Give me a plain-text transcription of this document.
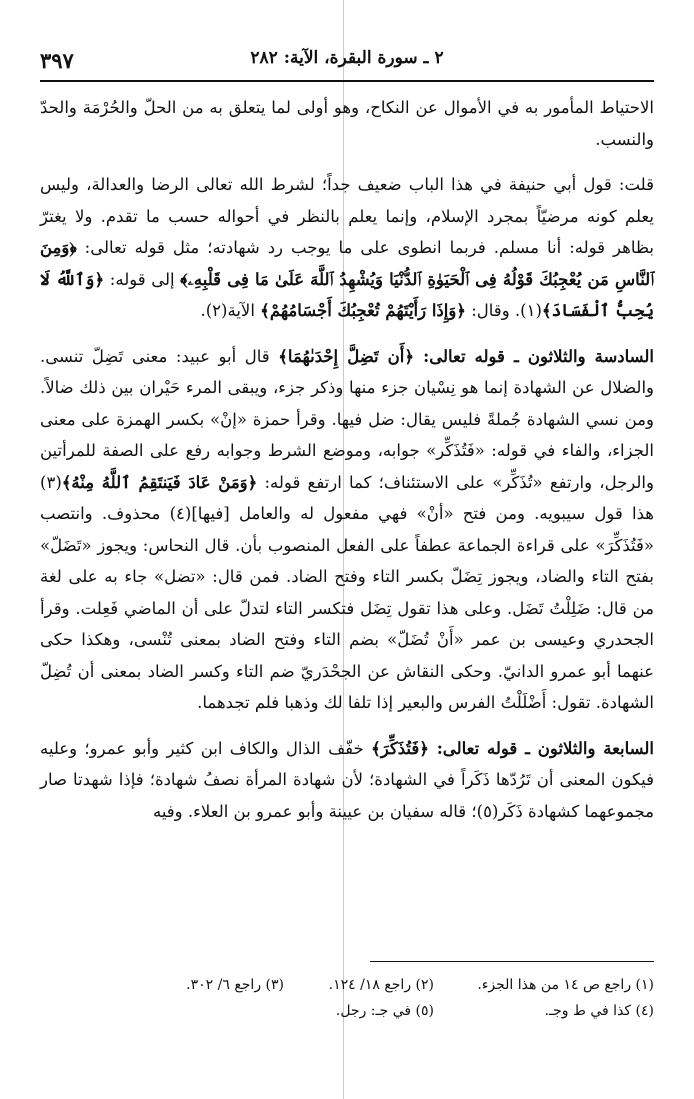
٣٩٧	٢ ـ سورة البقرة، الآية: ٢٨٢

الاحتياط المأمور به في الأموال عن النكاح، وهو أولى لما يتعلق به من الحلّ والحُرْمَة والحدّ والنسب.

قلت: قول أبي حنيفة في هذا الباب ضعيف جداً؛ لشرط الله تعالى الرضا والعدالة، وليس يعلم كونه مرضيّاً بمجرد الإسلام، وإنما يعلم بالنظر في أحواله حسب ما تقدم. ولا يغترّ بظاهر قوله: أنا مسلم. فربما انطوى على ما يوجب رد شهادته؛ مثل قوله تعالى: ﴿وَمِنَ ٱلنَّاسِ مَن يُعْجِبُكَ قَوْلُهُ فِى ٱلْحَيَوٰةِ ٱلدُّنْيَا وَيُشْهِدُ ٱللَّهَ عَلَىٰ مَا فِى قَلْبِهِۦ﴾ إلى قوله: ﴿وَٱللَّهُ لَا يُحِبُّ ٱلْفَسَادَ﴾(١). وقال: ﴿وَإِذَا رَأَيْتَهُمْ تُعْجِبُكَ أَجْسَامُهُمْ﴾ الآية(٢).

السادسة والثلاثون ـ قوله تعالى: ﴿أَن تَضِلَّ إِحْدَىٰهُمَا﴾ قال أبو عبيد: معنى تَضِلّ تنسى. والضلال عن الشهادة إنما هو نِسْيان جزء منها وذكر جزء، ويبقى المرء حَيْران بين ذلك ضالاً. ومن نسي الشهادة جُملةً فليس يقال: ضل فيها. وقرأ حمزة «إنْ» بكسر الهمزة على معنى الجزاء، والفاء في قوله: «فَتُذَكِّر» جوابه، وموضع الشرط وجوابه رفع على الصفة للمرأتين والرجل، وارتفع «تُذَكِّر» على الاستئناف؛ كما ارتفع قوله: ﴿وَمَنْ عَادَ فَيَنتَقِمُ ٱللَّهُ مِنْهُ﴾(٣) هذا قول سيبويه. ومن فتح «أنْ» فهي مفعول له والعامل [فيها](٤) محذوف. وانتصب «فَتُذَكِّرَ» على قراءة الجماعة عطفاً على الفعل المنصوب بأن. قال النحاس: ويجوز «تَضَلّ» بفتح التاء والضاد، ويجوز تِضَلّ بكسر التاء وفتح الضاد. فمن قال: «تضل» جاء به على لغة من قال: ضَلِلْتُ تَضَل. وعلى هذا تقول تِضَل فتكسر التاء لتدلّ على أن الماضي فَعِلت. وقرأ الجحدري وعيسى بن عمر «أَنْ تُضَلّ» بضم التاء وفتح الضاد بمعنى تُنْسى، وهكذا حكى عنهما أبو عمرو الدانيّ. وحكى النقاش عن الجحْدَريّ ضم التاء وكسر الضاد بمعنى أن تُضِلّ الشهادة. تقول: أَضْلَلْتُ الفرس والبعير إذا تلفا لك وذهبا فلم تجدهما.

السابعة والثلاثون ـ قوله تعالى: ﴿فَتُذَكِّرَ﴾ خفّف الذال والكاف ابن كثير وأبو عمرو؛ وعليه فيكون المعنى أن تَرُدّها ذَكَراً في الشهادة؛ لأن شهادة المرأة نصفُ شهادة؛ فإذا شهدتا صار مجموعهما كشهادة ذَكَر(٥)؛ قاله سفيان بن عيينة وأبو عمرو بن العلاء. وفيه

(١) راجع ص ١٤ من هذا الجزء.
(٢) راجع ١٨/ ١٢٤.
(٣) راجع ٦/ ٣٠٢.
(٤) كذا في ط وجـ.
(٥) في جـ: رجل.
